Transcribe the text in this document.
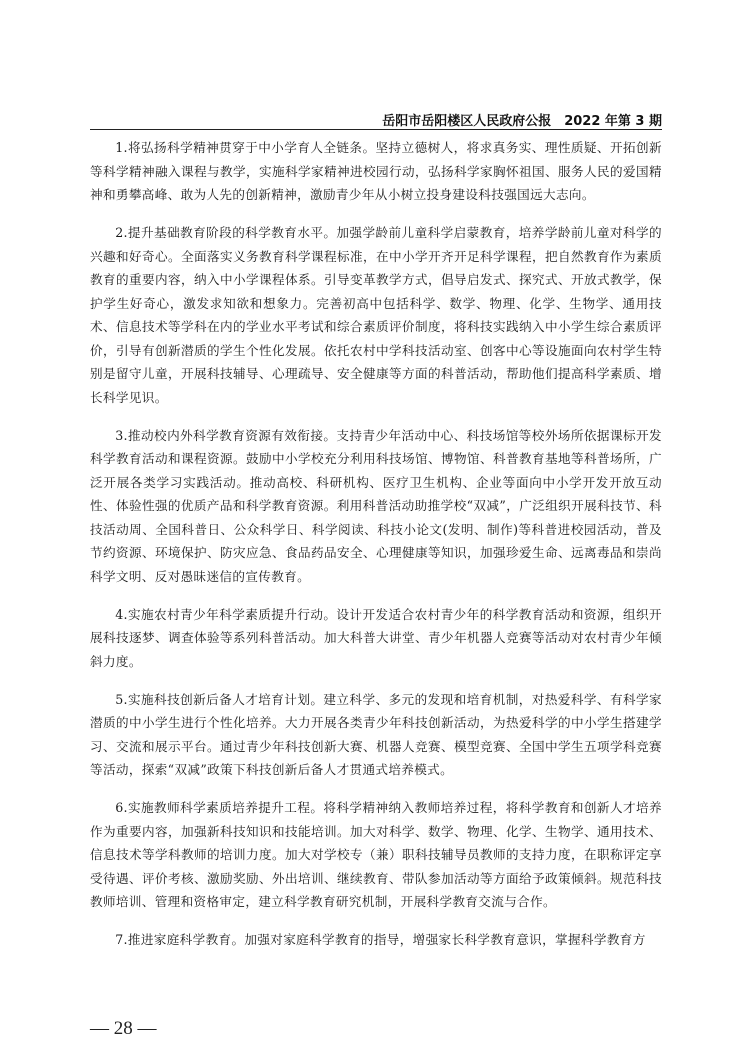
岳阳市岳阳楼区人民政府公报　2022 年第 3 期

1.将弘扬科学精神贯穿于中小学育人全链条。坚持立德树人，将求真务实、理性质疑、开拓创新等科学精神融入课程与教学，实施科学家精神进校园行动，弘扬科学家胸怀祖国、服务人民的爱国精神和勇攀高峰、敢为人先的创新精神，激励青少年从小树立投身建设科技强国远大志向。

2.提升基础教育阶段的科学教育水平。加强学龄前儿童科学启蒙教育，培养学龄前儿童对科学的兴趣和好奇心。全面落实义务教育科学课程标准，在中小学开齐开足科学课程，把自然教育作为素质教育的重要内容，纳入中小学课程体系。引导变革教学方式，倡导启发式、探究式、开放式教学，保护学生好奇心，激发求知欲和想象力。完善初高中包括科学、数学、物理、化学、生物学、通用技术、信息技术等学科在内的学业水平考试和综合素质评价制度，将科技实践纳入中小学生综合素质评价，引导有创新潜质的学生个性化发展。依托农村中学科技活动室、创客中心等设施面向农村学生特别是留守儿童，开展科技辅导、心理疏导、安全健康等方面的科普活动，帮助他们提高科学素质、增长科学见识。

3.推动校内外科学教育资源有效衔接。支持青少年活动中心、科技场馆等校外场所依据课标开发科学教育活动和课程资源。鼓励中小学校充分利用科技场馆、博物馆、科普教育基地等科普场所，广泛开展各类学习实践活动。推动高校、科研机构、医疗卫生机构、企业等面向中小学开发开放互动性、体验性强的优质产品和科学教育资源。利用科普活动助推学校“双减”，广泛组织开展科技节、科技活动周、全国科普日、公众科学日、科学阅读、科技小论文(发明、制作)等科普进校园活动，普及节约资源、环境保护、防灾应急、食品药品安全、心理健康等知识，加强珍爱生命、远离毒品和崇尚科学文明、反对愚昧迷信的宣传教育。

4.实施农村青少年科学素质提升行动。设计开发适合农村青少年的科学教育活动和资源，组织开展科技逐梦、调查体验等系列科普活动。加大科普大讲堂、青少年机器人竞赛等活动对农村青少年倾斜力度。

5.实施科技创新后备人才培育计划。建立科学、多元的发现和培育机制，对热爱科学、有科学家潜质的中小学生进行个性化培养。大力开展各类青少年科技创新活动，为热爱科学的中小学生搭建学习、交流和展示平台。通过青少年科技创新大赛、机器人竞赛、模型竞赛、全国中学生五项学科竞赛等活动，探索“双减”政策下科技创新后备人才贯通式培养模式。

6.实施教师科学素质培养提升工程。将科学精神纳入教师培养过程，将科学教育和创新人才培养作为重要内容，加强新科技知识和技能培训。加大对科学、数学、物理、化学、生物学、通用技术、信息技术等学科教师的培训力度。加大对学校专（兼）职科技辅导员教师的支持力度，在职称评定享受待遇、评价考核、激励奖励、外出培训、继续教育、带队参加活动等方面给予政策倾斜。规范科技教师培训、管理和资格审定，建立科学教育研究机制，开展科学教育交流与合作。

7.推进家庭科学教育。加强对家庭科学教育的指导，增强家长科学教育意识，掌握科学教育方

— 28 —
